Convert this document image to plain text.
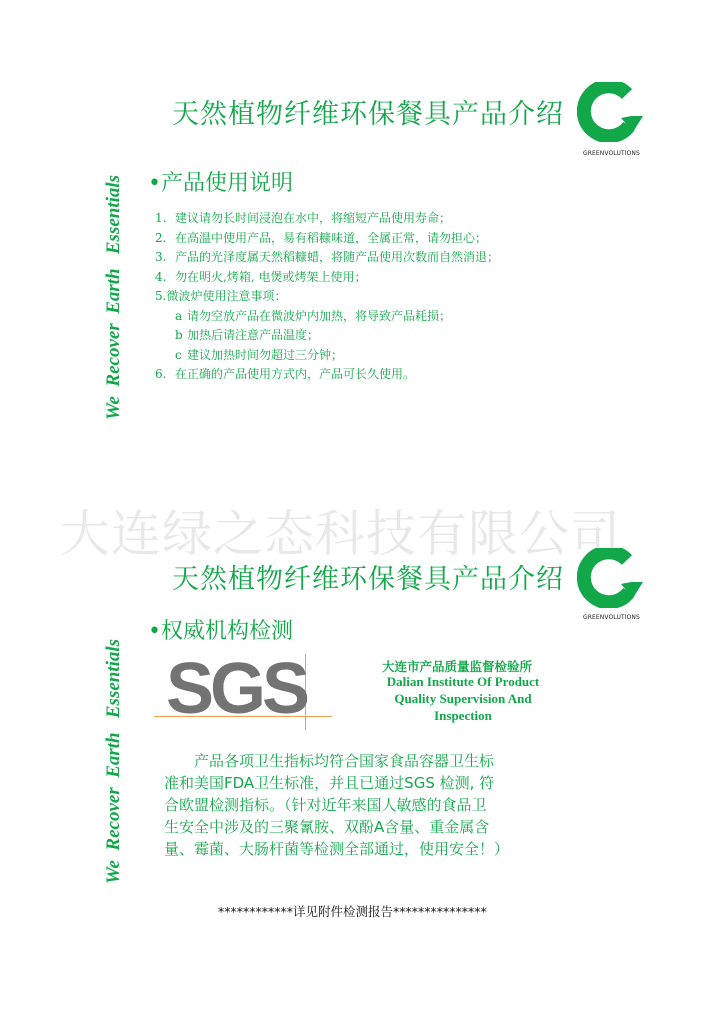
天然植物纤维环保餐具产品介绍
GREENVOLUTIONS
We  Recover  Earth   Essentials •产品使用说明
1. 建议请勿长时间浸泡在水中，将缩短产品使用寿命；
2. 在高温中使用产品，易有稻糠味道，全属正常，请勿担心；
3. 产品的光泽度属天然稻糠蜡，将随产品使用次数而自然消退；
4. 勿在明火,烤箱, 电煲或烤架上使用；
5.微波炉使用注意事项：
a 请勿空放产品在微波炉内加热，将导致产品耗损；
b 加热后请注意产品温度；
c 建议加热时间勿超过三分钟；
6. 在正确的产品使用方式内，产品可长久使用。
大连绿之态科技有限公司
天然植物纤维环保餐具产品介绍
GREENVOLUTIONS
We  Recover  Earth   Essentials
•权威机构检测
SGS	大连市产品质量监督检验所
Dalian Institute Of Product
Quality Supervision And
Inspection
产品各项卫生指标均符合国家食品容器卫生标
准和美国FDA卫生标准，并且已通过SGS 检测, 符
合欧盟检测指标。（针对近年来国人敏感的食品卫
生安全中涉及的三聚氰胺、双酚A含量、重金属含
量、霉菌、大肠杆菌等检测全部通过，使用安全！）
************详见附件检测报告***************
